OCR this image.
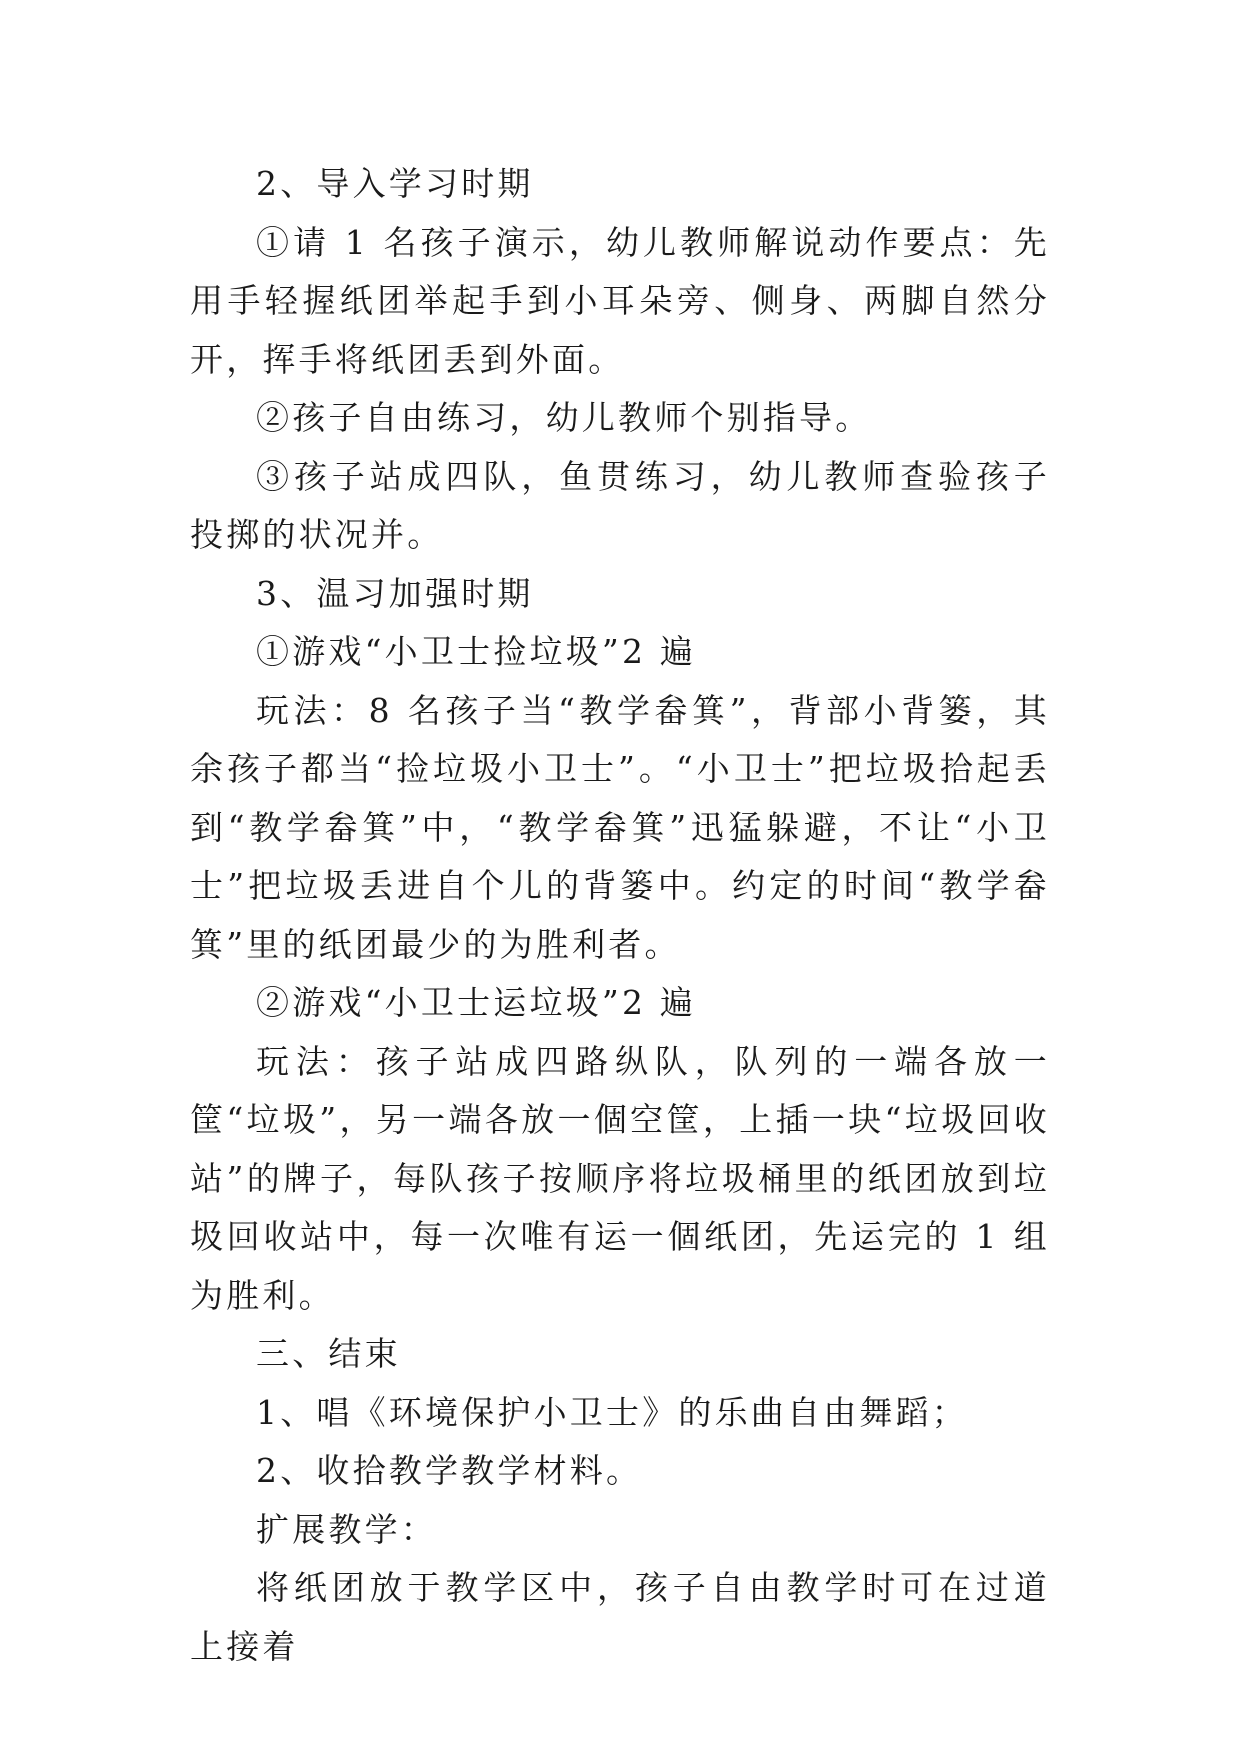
2、导入学习时期

①请 1 名孩子演示，幼儿教师解说动作要点：先用手轻握纸团举起手到小耳朵旁、侧身、两脚自然分开，挥手将纸团丢到外面。

②孩子自由练习，幼儿教师个别指导。

③孩子站成四队，鱼贯练习，幼儿教师查验孩子投掷的状况并。

3、温习加强时期

①游戏“小卫士捡垃圾”2 遍

玩法：8 名孩子当“教学畚箕”，背部小背篓，其余孩子都当“捡垃圾小卫士”。“小卫士”把垃圾拾起丢到“教学畚箕”中，“教学畚箕”迅猛躲避，不让“小卫士”把垃圾丢进自个儿的背篓中。约定的时间“教学畚箕”里的纸团最少的为胜利者。

②游戏“小卫士运垃圾”2 遍

玩法：孩子站成四路纵队，队列的一端各放一筐“垃圾”，另一端各放一個空筐，上插一块“垃圾回收站”的牌子，每队孩子按顺序将垃圾桶里的纸团放到垃圾回收站中，每一次唯有运一個纸团，先运完的 1 组为胜利。

三、结束

1、唱《环境保护小卫士》的乐曲自由舞蹈；

2、收拾教学教学材料。

扩展教学：

将纸团放于教学区中，孩子自由教学时可在过道上接着
